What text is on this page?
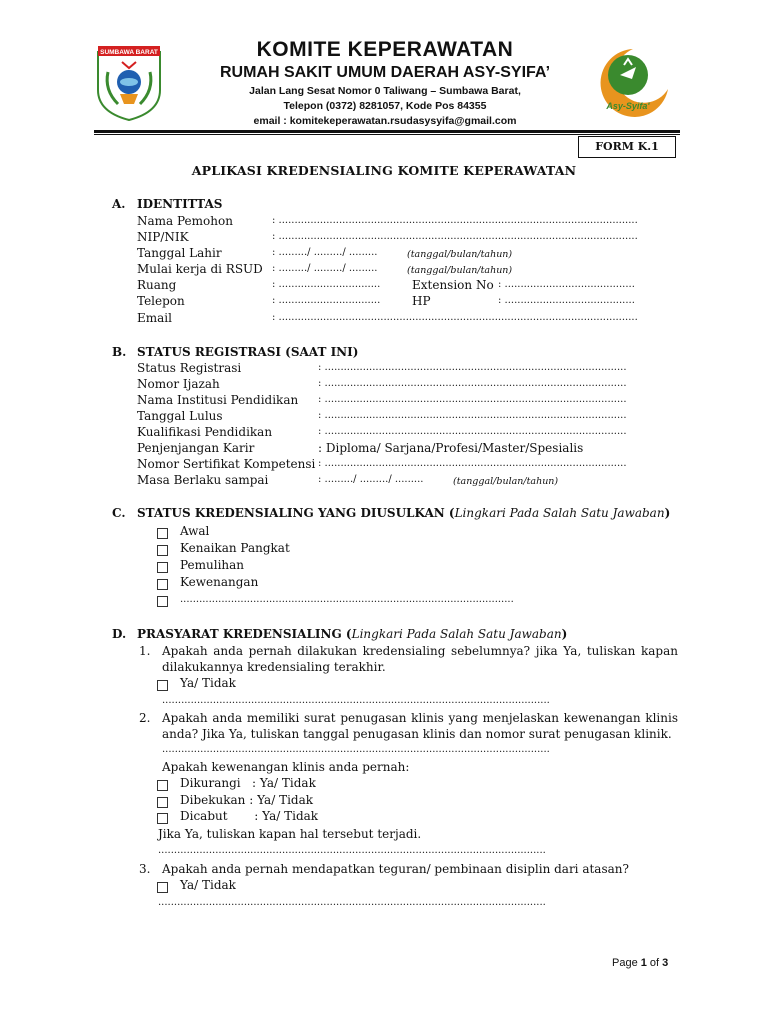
SUMBAWA BARAT	KOMITE KEPERAWATAN
RUMAH SAKIT UMUM DAERAH ASY-SYIFA’
Jalan Lang Sesat Nomor 0 Taliwang – Sumbawa Barat,
Telepon (0372) 8281057, Kode Pos 84355
email : komitekeperawatan.rsudasysyifa@gmail.com
Asy-Syifa'
FORM K.1
APLIKASI KREDENSIALING KOMITE KEPERAWATAN
A. IDENTITTAS
Nama Pemohon	: .................................................................................................................
NIP/NIK	: .................................................................................................................
Tanggal Lahir	: ........./ ........./ .........	(tanggal/bulan/tahun)
Mulai kerja di RSUD : ........./ ........./ .........	(tanggal/bulan/tahun)
Ruang	: ................................	Extension No : .........................................
Telepon	: ................................	HP	: .........................................
Email	: .................................................................................................................
B. STATUS REGISTRASI (SAAT INI)
Status Registrasi	: ...............................................................................................
Nomor Ijazah	: ...............................................................................................
Nama Institusi Pendidikan : ...............................................................................................
Tanggal Lulus	: ...............................................................................................
Kualifikasi Pendidikan	: ...............................................................................................
Penjenjangan Karir	: Diploma/ Sarjana/Profesi/Master/Spesialis
Nomor Sertifikat Kompetensi : ...............................................................................................
Masa Berlaku sampai	: ........./ ........./ .........	(tanggal/bulan/tahun)
C. STATUS KREDENSIALING YANG DIUSULKAN (Lingkari Pada Salah Satu Jawaban)
Awal
Kenaikan Pangkat
Pemulihan
Kewenangan
.........................................................................................................
D. PRASYARAT KREDENSIALING (Lingkari Pada Salah Satu Jawaban)
1. Apakah anda pernah dilakukan kredensialing sebelumnya? jika Ya, tuliskan kapan
dilakukannya kredensialing terakhir.
Ya/ Tidak
..........................................................................................................................
2. Apakah anda memiliki surat penugasan klinis yang menjelaskan kewenangan klinis
anda? Jika Ya, tuliskan tanggal penugasan klinis dan nomor surat penugasan klinik.
..........................................................................................................................
Apakah kewenangan klinis anda pernah:
Dikurangi   : Ya/ Tidak
Dibekukan : Ya/ Tidak
Dicabut       : Ya/ Tidak
Jika Ya, tuliskan kapan hal tersebut terjadi.
..........................................................................................................................
3. Apakah anda pernah mendapatkan teguran/ pembinaan disiplin dari atasan?
Ya/ Tidak
..........................................................................................................................
Page 1 of 3
